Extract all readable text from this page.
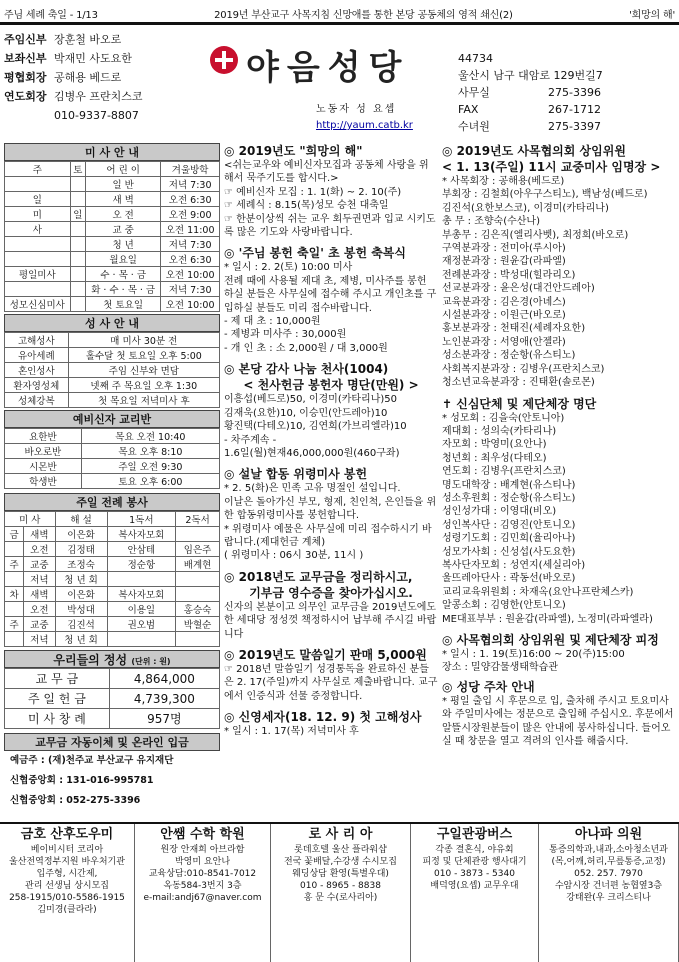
주님 세례 축일 - 1/13	2019년 부산교구 사목지침 신망애를 통한 본당 공동체의 영적 쇄신(2)	'희망의 해'
주임신부 장훈철 바오로
보좌신부 박재민 사도요한
평협회장 공해용 베드로
연도회장 김병우 프란치스코
010-9337-8807
야음성당
노동자 성 요셉
http://yaum.catb.kr
44734
울산시 남구 대암로 129번길7
사무실	275-3396
FAX	267-1712
수녀원	275-3397
미 사 안 내
주	토	어 린 이	겨울방학
		일 반	저녁 7:30
일		새 벽	오전 6:30
미	일	오 전	오전 9:00
사		교 중	오전 11:00
		청 년	저녁 7:30
		월요일	오전 6:30
평일미사		수 · 목 · 금	오전 10:00
		화 · 수 · 목 · 금	저녁 7:30
성모신심미사		첫 토요일	오전 10:00
성 사 안 내
고해성사	매 미사 30분 전
유아세례	홀수달 첫 토요일 오후 5:00
혼인성사	주임 신부와 면담
환자영성체	넷째 주 목요일 오후 1:30
성체강복	첫 목요일 저녁미사 후
예비신자 교리반
요한반	목요 오전 10:40
바오로반	목요 오후 8:10
시몬반	주일 오전 9:30
학생반	토요 오후 6:00
주일 전례 봉사
미 사		해 설	1독서	2독서
금	새벽	이은화	복사자모회	
	오전	김정태	안삼테	임은주
주	교중	조정숙	정순항	배계현
	저녁	청 년 회		
차	새벽	이은화	복사자모회	
	오전	박성대	이용일	홍승숙
주	교중	김진석	권오범	박혈순
	저녁	청 년 회		
우리들의 정성 (단위 : 원)
교 무 금	4,864,000
주 일 헌 금	4,739,300
미 사 창 례	957명
교무금 자동이체 및 온라인 입금
예금주 : (재)천주교 부산교구 유지재단
신협중앙회 : 131-016-995781
신협중앙회 : 052-275-3396
◎ 2019년도 "희망의 해"
<쉬는교우와 예비신자모집과 공동체 사랑을 위해서 묵주기도를 합시다.>
☞ 예비신자 모집 : 1. 1(화) ~ 2. 10(주)
☞ 세례식 : 8.15(목)성모 승천 대축일
☞ 한분이상씩 쉬는 교우 회두권면과 입교 시키도록 많은 기도와 사랑바랍니다.
◎ '주님 봉헌 축일' 초 봉헌 축복식
* 일시 : 2. 2(토) 10:00 미사
전례 때에 사용될 제대 초, 제병, 미사주를 봉헌 하실 분들은 사무실에 접수해 주시고 개인초를 구입하실 분들도 미리 접수바랍니다.
- 제 대 초 : 10,000원
- 제병과 미사주 : 30,000원
- 개 인 초 : 소 2,000원 / 대 3,000원
◎ 본당 감사 나눔 천사(1004)
< 천사헌금 봉헌자 명단(만원) >
이흥섭(베드로)50, 이경미(카타리나)50
김재욱(요한)10, 이승민(안드레아)10
황진택(다테오)10, 김연희(가브리엘라)10
- 차주계속 -
1.6일(월)현재46,000,000원(460구좌)
◎ 설날 합동 위령미사 봉헌
* 2. 5(화)은 민족 고유 명절인 설입니다.
이날은 돌아가신 부모, 형제, 친인척, 은인들을 위한 합동위령미사를 봉헌합니다.
* 위령미사 예물은 사무실에 미리 접수하시기 바랍니다.(제대헌금 계체)
( 위령미사 : 06시 30분, 11시 )
◎ 2018년도 교무금을 정리하시고,
기부금 영수증을 찾아가십시오.
신자의 본분이고 의무인 교무금을 2019년도에도 한 세대당 정성껏 책정하시어 납부해 주시길 바랍니다
◎ 2019년도 말씀일기 판매 5,000원
☞ 2018년 말씀일기 성경통독을 완료하신 분들은 2. 17(주일)까지 사무실로 제출바랍니다. 교구에서 인증식과 선물 증정합니다.
◎ 신영세자(18. 12. 9) 첫 고해성사
* 일시 : 1. 17(목) 저녁미사 후
◎ 2019년도 사목협의회 상임위원
< 1. 13(주일) 11시 교중미사 임명장 >
* 사목회장 : 공해용(베드로)
부회장 : 김철희(아우구스티노), 백남성(베드로)
김진석(요한보스코), 이경미(카타리나)
총 무 : 조향숙(수산나)
부총무 : 김은직(엘리사벳), 최정희(바오로)
구역분과장 : 전미아(루시아)
재정분과장 : 원윤갑(라파엘)
전례분과장 : 박성대(힐라리오)
선교분과장 : 윤은성(대건안드레아)
교육분과장 : 김은경(아녜스)
시설분과장 : 이원근(바오로)
홍보분과장 : 천태진(세례자요한)
노인분과장 : 서영애(안젤라)
성소분과장 : 정순항(유스티노)
사회복지분과장 : 김병우(프란치스코)
청소년교육분과장 : 진태환(솔로몬)
✝ 신심단체 및 제단체장 명단
* 성모회 : 김을숙(안토니아)
제대회 : 성의숙(카타리나)
자모회 : 박영미(요안나)
청년회 : 최우성(다테오)
연도회 : 김병우(프란치스코)
명도대학장 : 배계현(유스티나)
성소후원회 : 정순항(유스티노)
성인성가대 : 이영대(비오)
성인복사단 : 김영진(안토니오)
성령기도회 : 김민희(율리아나)
성모가사회 : 신성섭(사도요한)
복사단자모회 : 성연지(세실리아)
울뜨레아단사 : 곽동선(바오로)
교리교육위원회 : 차재옥(요안나프란체스카)
알콩소회 : 김영한(안토니오)
ME대표부부 : 원윤갑(라파엘), 노정미(라파엘라)
◎ 사목협의회 상임위원 및 제단체장 피정
* 일시 : 1. 19(토)16:00 ~ 20(주)15:00
장소 : 밀양감물생태학습관
◎ 성당 주차 안내
* 평일 출입 시 후문으로 입, 출차해 주시고 토요미사와 주일미사에는 정문으로 출입해 주십시오. 후문에서 알뜰시장원분들이 많은 안내에 봉사하십니다. 들어오실 때 창문을 열고 격려의 인사를 해줍시다.
금호 산후도우미
베이비시터 코리아
울산전역정부지원 바우처기관
입주형, 시간제,
관리 선생님 상시모집
258-1915/010-5586-1915
김미경(클라라)
안쌤 수학 학원
원장 안재희 아브라함
박영미 요안나
교육상담:010-8541-7012
옥동584-3번지 3층
e-mail:andj67@naver.com
로 사 리 아
롯데호텔 울산 플라워샵
전국 꽃배달,수강생 수시모집
웨딩상담 환영(특별우대)
010 - 8965 - 8838
홍 문 수(로사리아)
구일관광버스
각종 결혼식, 야유회
피정 및 단체관광 행사대기
010 - 3873 - 5340
배덕영(요셉) 교무우대
아나파 의원
통증의학과,내과,소아청소년과
(목,어깨,허리,무릎통증,교정)
052. 257. 7970
수암시장 건너편 농협옆3층
강태완(우 크리스티나
